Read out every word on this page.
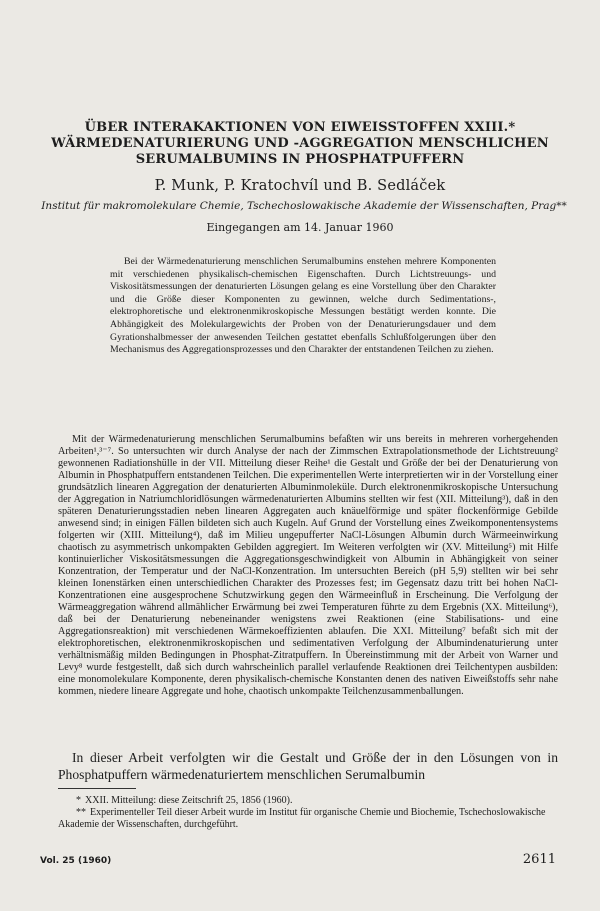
ÜBER INTERAKAKTIONEN VON EIWEISSTOFFEN XXIII.*
WÄRMEDENATURIERUNG UND -AGGREGATION MENSCHLICHEN
SERUMALBUMINS IN PHOSPHATPUFFERN
P. Munk, P. Kratochvíl und B. Sedláček
Institut für makromolekulare Chemie, Tschechoslowakische Akademie der Wissenschaften, Prag**
Eingegangen am 14. Januar 1960

Bei der Wärmedenaturierung menschlichen Serumalbumins enstehen mehrere Komponenten mit verschiedenen physikalisch-chemischen Eigenschaften. Durch Lichtstreuungs- und Viskositätsmessungen der denaturierten Lösungen gelang es eine Vorstellung über den Charakter und die Größe dieser Komponenten zu gewinnen, welche durch Sedimentations-, elektrophoretische und elektronenmikroskopische Messungen bestätigt werden konnte. Die Abhängigkeit des Molekulargewichts der Proben von der Denaturierungsdauer und dem Gyrationshalbmesser der anwesenden Teilchen gestattet ebenfalls Schlußfolgerungen über den Mechanismus des Aggregationsprozesses und den Charakter der entstandenen Teilchen zu ziehen.

Mit der Wärmedenaturierung menschlichen Serumalbumins befaßten wir uns bereits in mehreren vorhergehenden Arbeiten¹,³⁻⁷. So untersuchten wir durch Analyse der nach der Zimmschen Extrapolationsmethode der Lichtstreuung² gewonnenen Radiationshülle in der VII. Mitteilung dieser Reihe¹ die Gestalt und Größe der bei der Denaturierung von Albumin in Phosphatpuffern entstandenen Teilchen. Die experimentellen Werte interpretierten wir in der Vorstellung einer grundsätzlich linearen Aggregation der denaturierten Albuminmoleküle. Durch elektronenmikroskopische Untersuchung der Aggregation in Natriumchloridlösungen wärmedenaturierten Albumins stellten wir fest (XII. Mitteilung³), daß in den späteren Denaturierungsstadien neben linearen Aggregaten auch knäuelförmige und später flockenförmige Gebilde anwesend sind; in einigen Fällen bildeten sich auch Kugeln. Auf Grund der Vorstellung eines Zweikomponentensystems folgerten wir (XIII. Mitteilung⁴), daß im Milieu ungepufferter NaCl-Lösungen Albumin durch Wärmeeinwirkung chaotisch zu asymmetrisch unkompakten Gebilden aggregiert. Im Weiteren verfolgten wir (XV. Mitteilung⁵) mit Hilfe kontinuierlicher Viskositätsmessungen die Aggregationsgeschwindigkeit von Albumin in Abhängigkeit von seiner Konzentration, der Temperatur und der NaCl-Konzentration. Im untersuchten Bereich (pH 5,9) stellten wir bei sehr kleinen Ionenstärken einen unterschiedlichen Charakter des Prozesses fest; im Gegensatz dazu tritt bei hohen NaCl-Konzentrationen eine ausgesprochene Schutzwirkung gegen den Wärmeeinfluß in Erscheinung. Die Verfolgung der Wärmeaggregation während allmählicher Erwärmung bei zwei Temperaturen führte zu dem Ergebnis (XX. Mitteilung⁶), daß bei der Denaturierung nebeneinander wenigstens zwei Reaktionen (eine Stabilisations- und eine Aggregationsreaktion) mit verschiedenen Wärmekoeffizienten ablaufen. Die XXI. Mitteilung⁷ befaßt sich mit der elektrophoretischen, elektronenmikroskopischen und sedimentativen Verfolgung der Albumindenaturierung unter verhältnismäßig milden Bedingungen in Phosphat-Zitratpuffern. In Übereinstimmung mit der Arbeit von Warner und Levy⁸ wurde festgestellt, daß sich durch wahrscheinlich parallel verlaufende Reaktionen drei Teilchentypen ausbilden: eine monomolekulare Komponente, deren physikalisch-chemische Konstanten denen des nativen Eiweißstoffs sehr nahe kommen, niedere lineare Aggregate und hohe, chaotisch unkompakte Teilchenzusammenballungen.

In dieser Arbeit verfolgten wir die Gestalt und Größe der in den Lösungen von in Phosphatpuffern wärmedenaturiertem menschlichen Serumalbumin

* XXII. Mitteilung: diese Zeitschrift 25, 1856 (1960).

** Experimenteller Teil dieser Arbeit wurde im Institut für organische Chemie und Biochemie, Tschechoslowakische Akademie der Wissenschaften, durchgeführt.

Vol. 25 (1960)	2611
